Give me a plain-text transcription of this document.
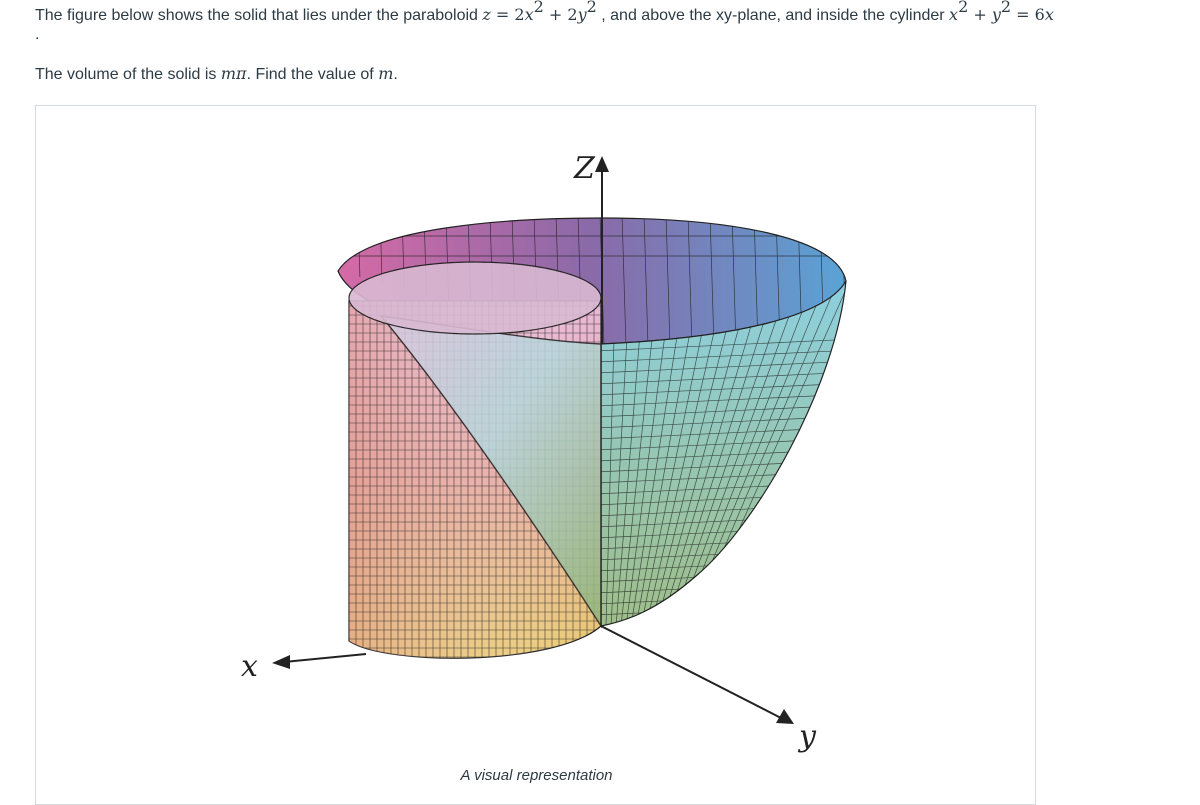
The figure below shows the solid that lies under the paraboloid $z = 2x^2 + 2y^2$ , and above the xy-plane, and inside the cylinder $x^2 + y^2 = 6x$
.
The volume of the solid is mπ. Find the value of m.
Z
x
y
A visual representation
